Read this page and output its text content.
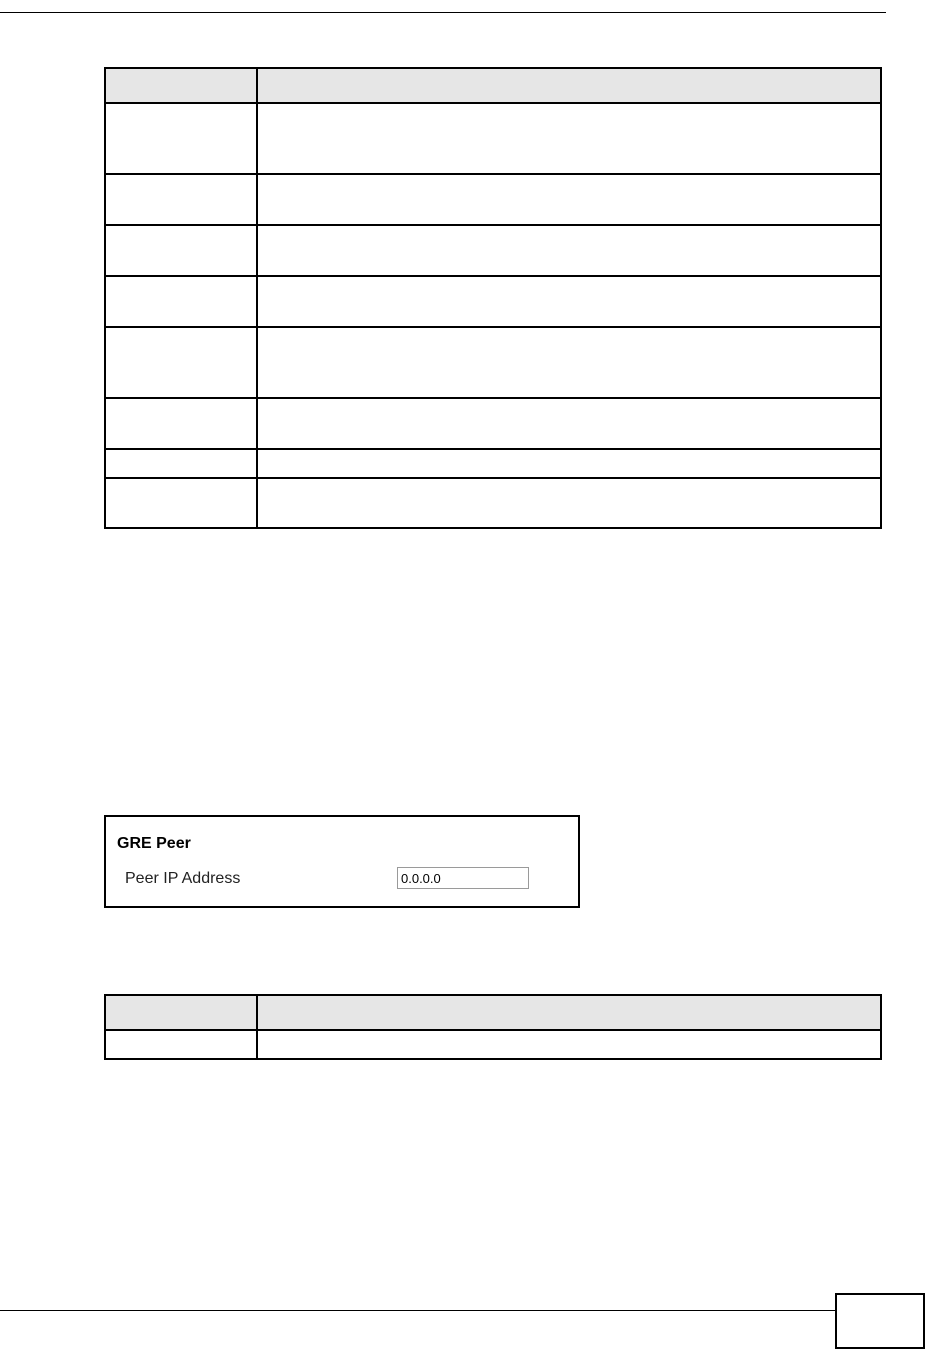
GRE Peer
Peer IP Address
0.0.0.0
